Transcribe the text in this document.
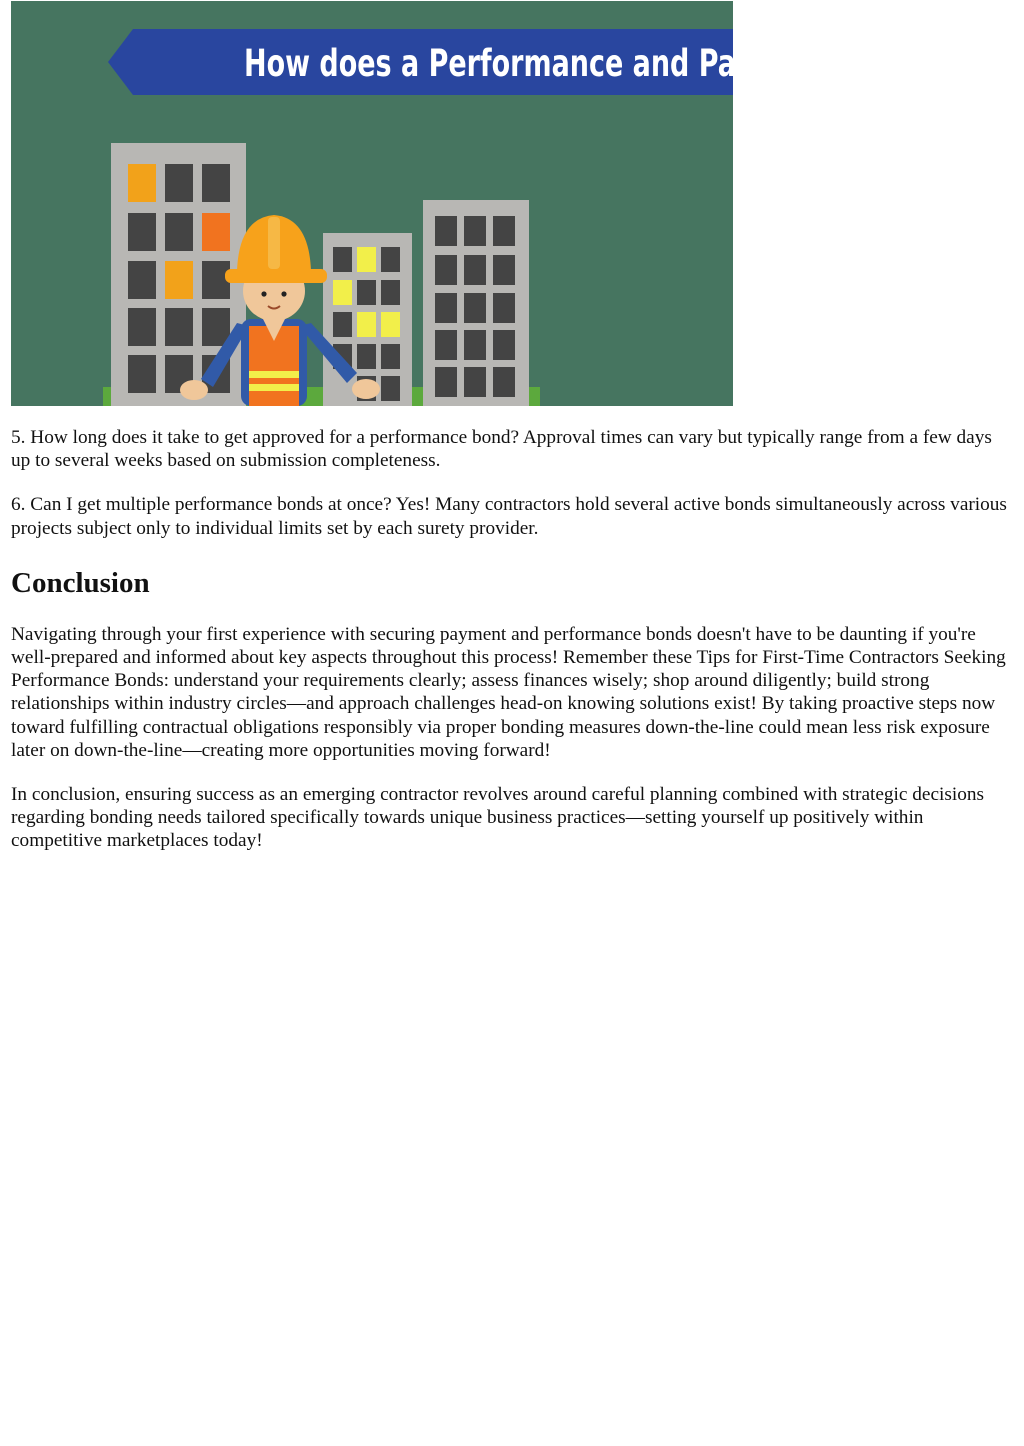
How does a Performance and Pa

5. How long does it take to get approved for a performance bond? Approval times can vary but typically range from a few days up to several weeks based on submission completeness.

6. Can I get multiple performance bonds at once? Yes! Many contractors hold several active bonds simultaneously across various projects subject only to individual limits set by each surety provider.

Conclusion

Navigating through your first experience with securing payment and performance bonds doesn't have to be daunting if you're well-prepared and informed about key aspects throughout this process! Remember these Tips for First-Time Contractors Seeking Performance Bonds: understand your requirements clearly; assess finances wisely; shop around diligently; build strong relationships within industry circles—and approach challenges head-on knowing solutions exist! By taking proactive steps now toward fulfilling contractual obligations responsibly via proper bonding measures down-the-line could mean less risk exposure later on down-the-line—creating more opportunities moving forward!

In conclusion, ensuring success as an emerging contractor revolves around careful planning combined with strategic decisions regarding bonding needs tailored specifically towards unique business practices—setting yourself up positively within competitive marketplaces today!
